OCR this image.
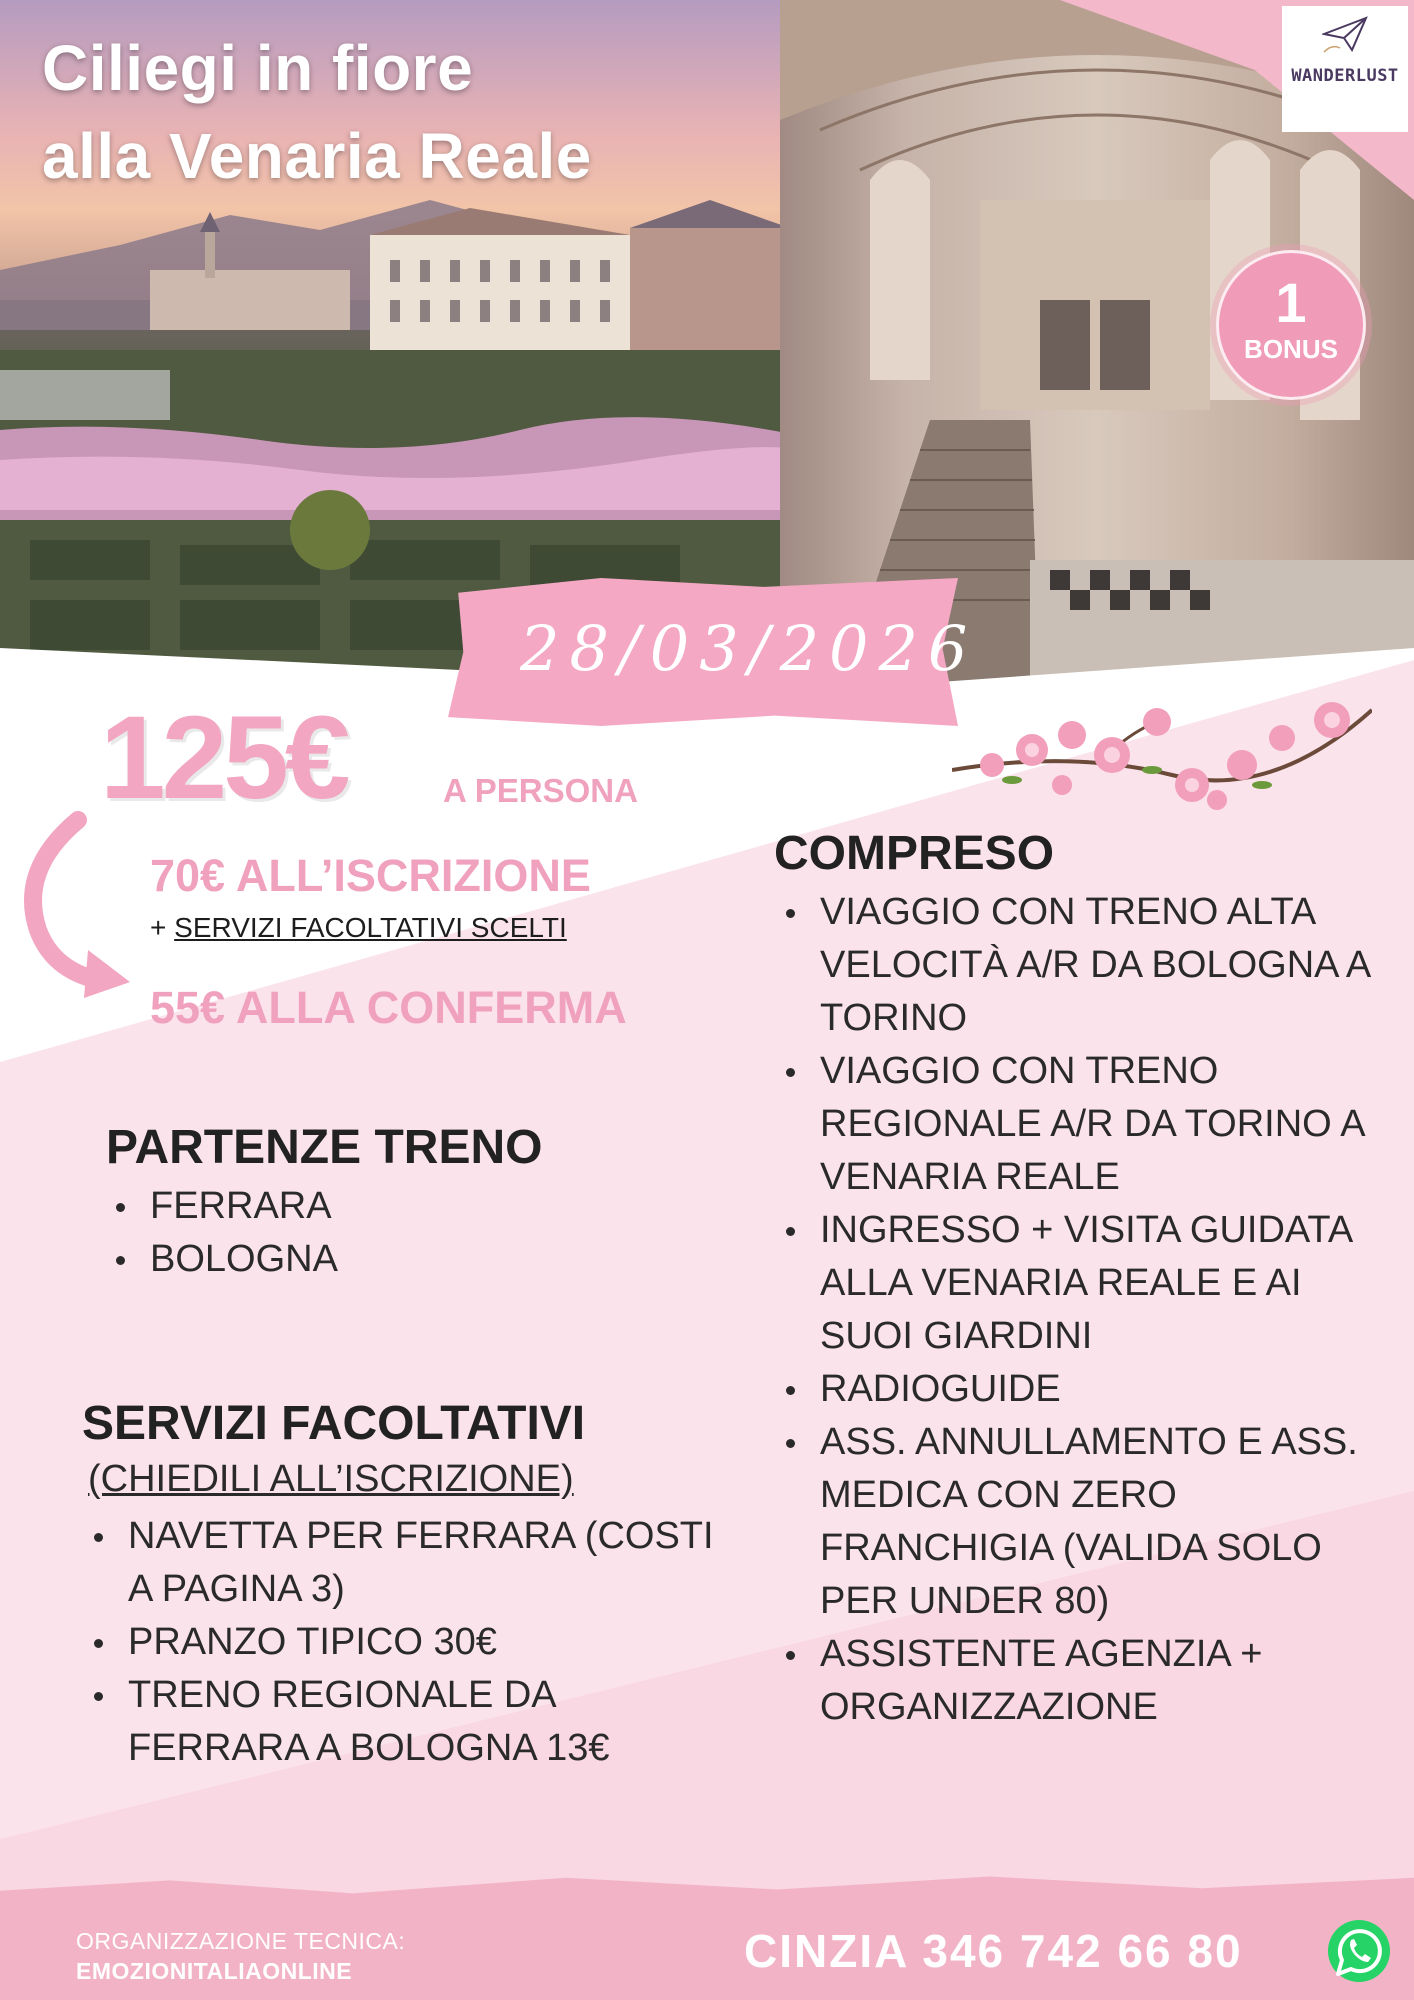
Ciliegi in fiore
alla Venaria Reale
WANDERLUST
1
BONUS
28/03/2026
125€	A PERSONA
70€ ALL’ISCRIZIONE
+ SERVIZI FACOLTATIVI SCELTI
55€ ALLA CONFERMA
PARTENZE TRENO
FERRARA
BOLOGNA
SERVIZI FACOLTATIVI
(CHIEDILI ALL’ISCRIZIONE)
NAVETTA PER FERRARA (COSTI A PAGINA 3)
PRANZO TIPICO 30€
TRENO REGIONALE DA FERRARA A BOLOGNA 13€
COMPRESO
VIAGGIO CON TRENO ALTA VELOCITÀ A/R DA BOLOGNA A TORINO
VIAGGIO CON TRENO REGIONALE A/R DA TORINO A VENARIA REALE
INGRESSO + VISITA GUIDATA ALLA VENARIA REALE E AI SUOI GIARDINI
RADIOGUIDE
ASS. ANNULLAMENTO E ASS. MEDICA CON ZERO FRANCHIGIA (VALIDA SOLO PER UNDER 80)
ASSISTENTE AGENZIA + ORGANIZZAZIONE
ORGANIZZAZIONE TECNICA:
EMOZIONITALIAONLINE	CINZIA 346 742 66 80
